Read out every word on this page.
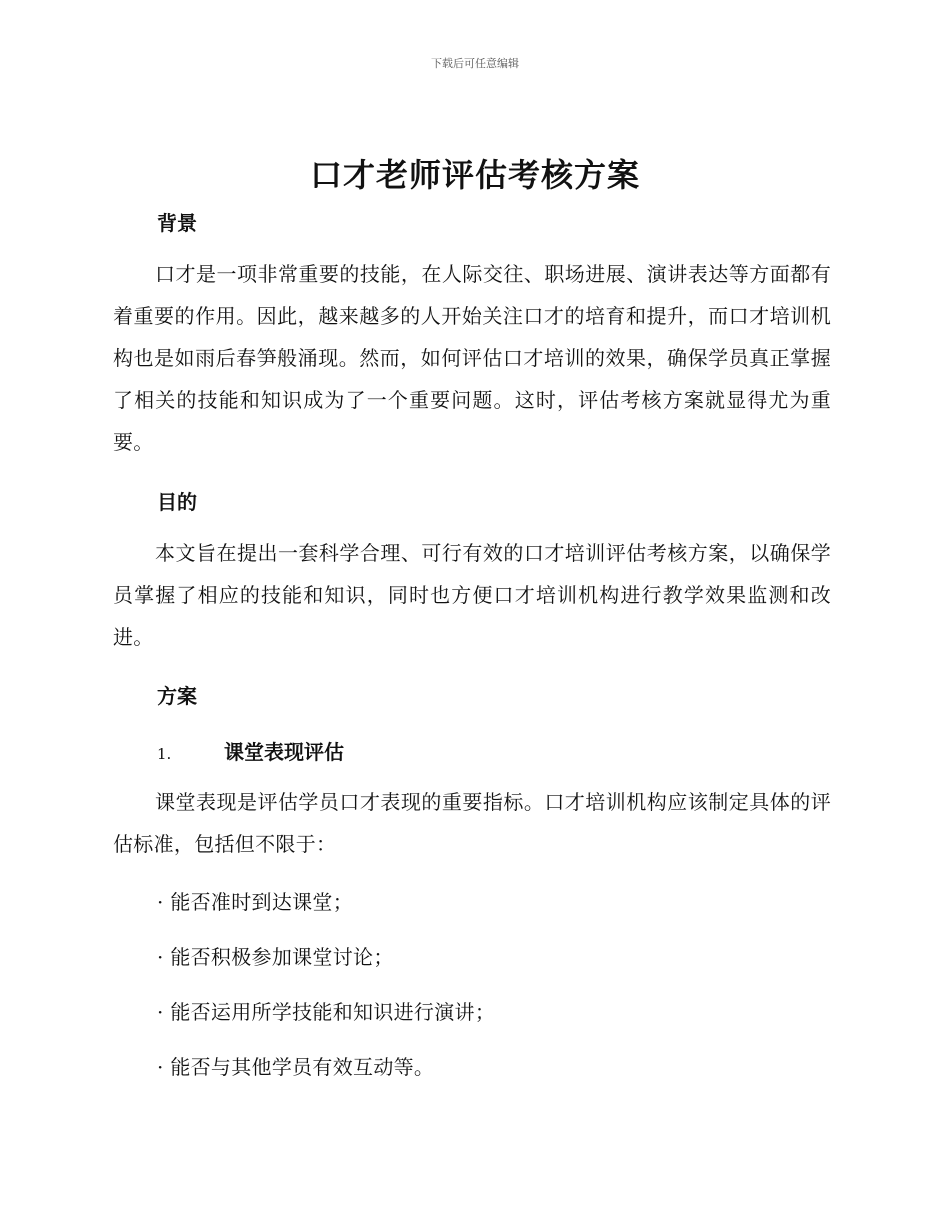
下载后可任意编辑
口才老师评估考核方案
背景

口才是一项非常重要的技能，在人际交往、职场进展、演讲表达等方面都有着重要的作用。因此，越来越多的人开始关注口才的培育和提升，而口才培训机构也是如雨后春笋般涌现。然而，如何评估口才培训的效果，确保学员真正掌握了相关的技能和知识成为了一个重要问题。这时，评估考核方案就显得尤为重要。

目的

本文旨在提出一套科学合理、可行有效的口才培训评估考核方案，以确保学员掌握了相应的技能和知识，同时也方便口才培训机构进行教学效果监测和改进。

方案
1.	课堂表现评估

课堂表现是评估学员口才表现的重要指标。口才培训机构应该制定具体的评估标准，包括但不限于：

· 能否准时到达课堂；
· 能否积极参加课堂讨论；
· 能否运用所学技能和知识进行演讲；
· 能否与其他学员有效互动等。
